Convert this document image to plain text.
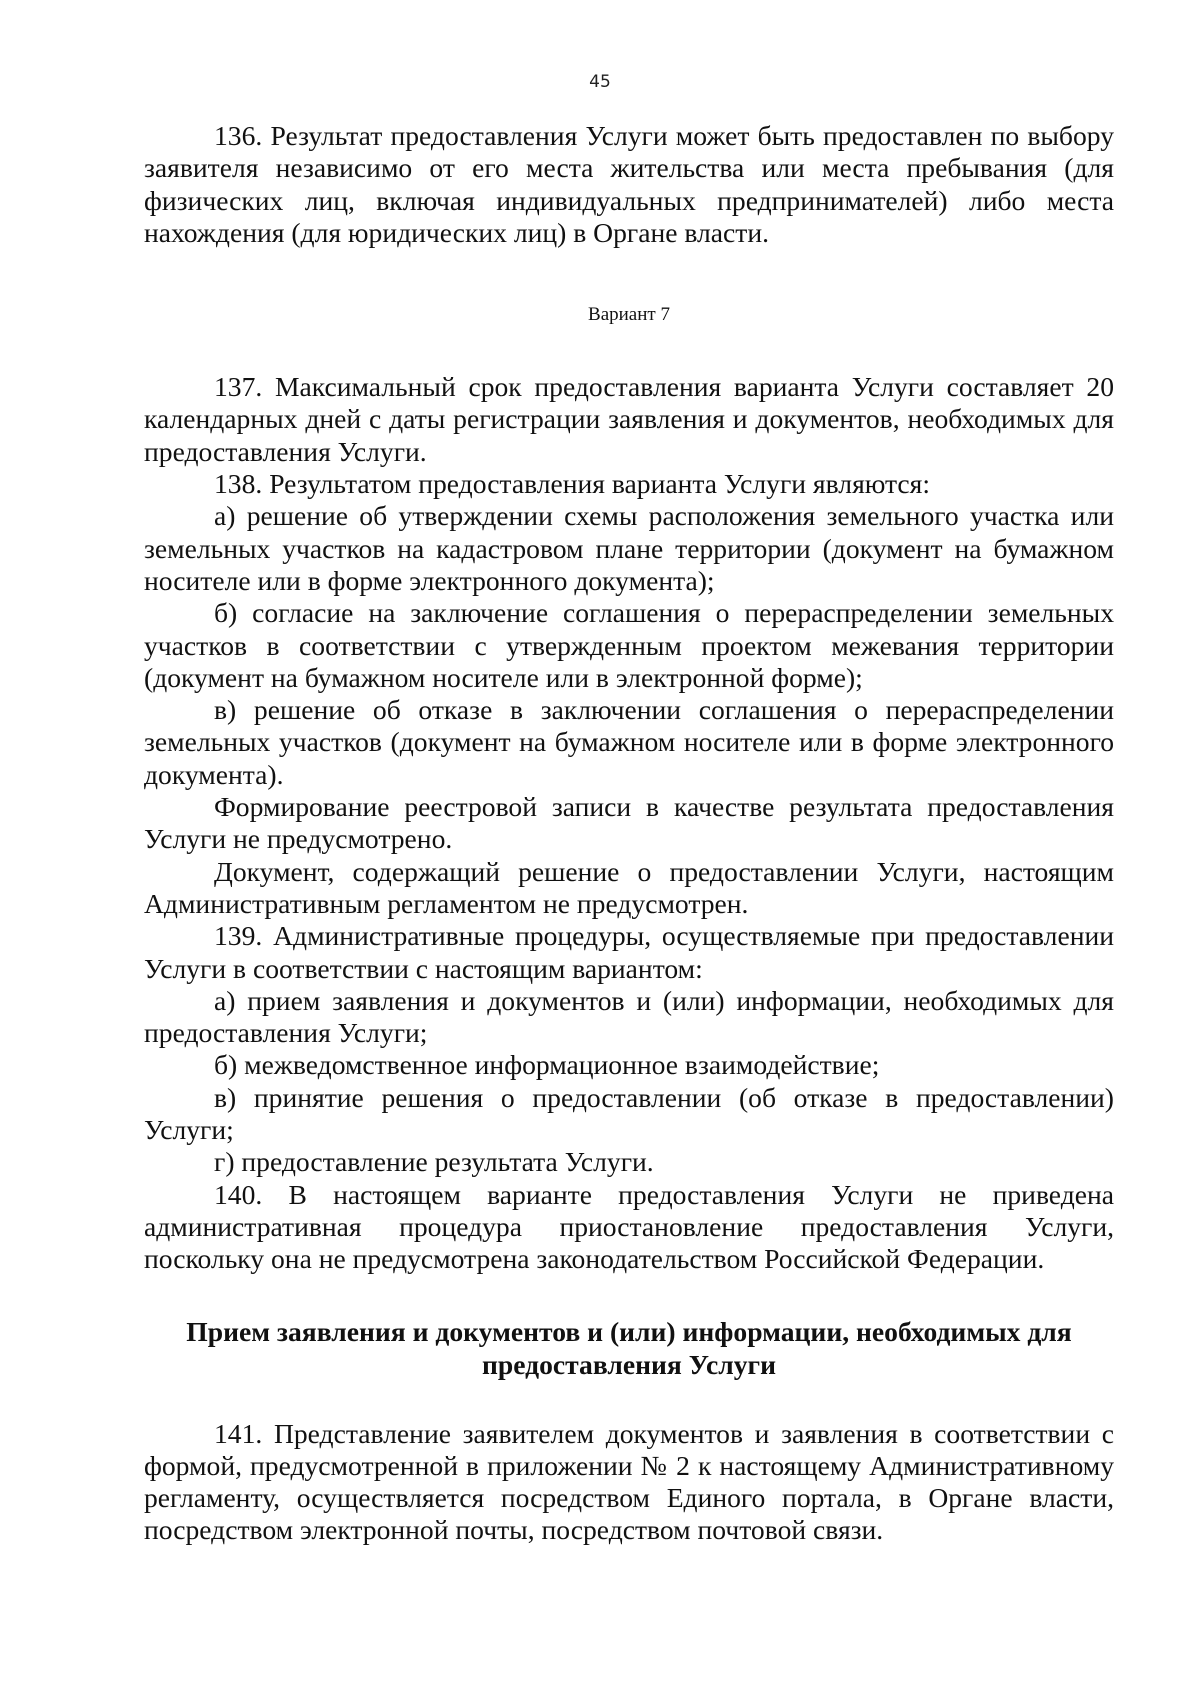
45

136. Результат предоставления Услуги может быть предоставлен по выбору заявителя независимо от его места жительства или места пребывания (для физических лиц, включая индивидуальных предпринимателей) либо места нахождения (для юридических лиц) в Органе власти.

Вариант 7

137. Максимальный срок предоставления варианта Услуги составляет 20 календарных дней с даты регистрации заявления и документов, необходимых для предоставления Услуги.

138. Результатом предоставления варианта Услуги являются:

а) решение об утверждении схемы расположения земельного участка или земельных участков на кадастровом плане территории (документ на бумажном носителе или в форме электронного документа);

б) согласие на заключение соглашения о перераспределении земельных участков в соответствии с утвержденным проектом межевания территории (документ на бумажном носителе или в электронной форме);

в) решение об отказе в заключении соглашения о перераспределении земельных участков (документ на бумажном носителе или в форме электронного документа).

Формирование реестровой записи в качестве результата предоставления Услуги не предусмотрено.

Документ, содержащий решение о предоставлении Услуги, настоящим Административным регламентом не предусмотрен.

139. Административные процедуры, осуществляемые при предоставлении Услуги в соответствии с настоящим вариантом:

а) прием заявления и документов и (или) информации, необходимых для предоставления Услуги;

б) межведомственное информационное взаимодействие;

в) принятие решения о предоставлении (об отказе в предоставлении) Услуги;

г) предоставление результата Услуги.

140. В настоящем варианте предоставления Услуги не приведена административная процедура приостановление предоставления Услуги, поскольку она не предусмотрена законодательством Российской Федерации.

Прием заявления и документов и (или) информации, необходимых для предоставления Услуги

141. Представление заявителем документов и заявления в соответствии с формой, предусмотренной в приложении № 2 к настоящему Административному регламенту, осуществляется посредством Единого портала, в Органе власти, посредством электронной почты, посредством почтовой связи.
